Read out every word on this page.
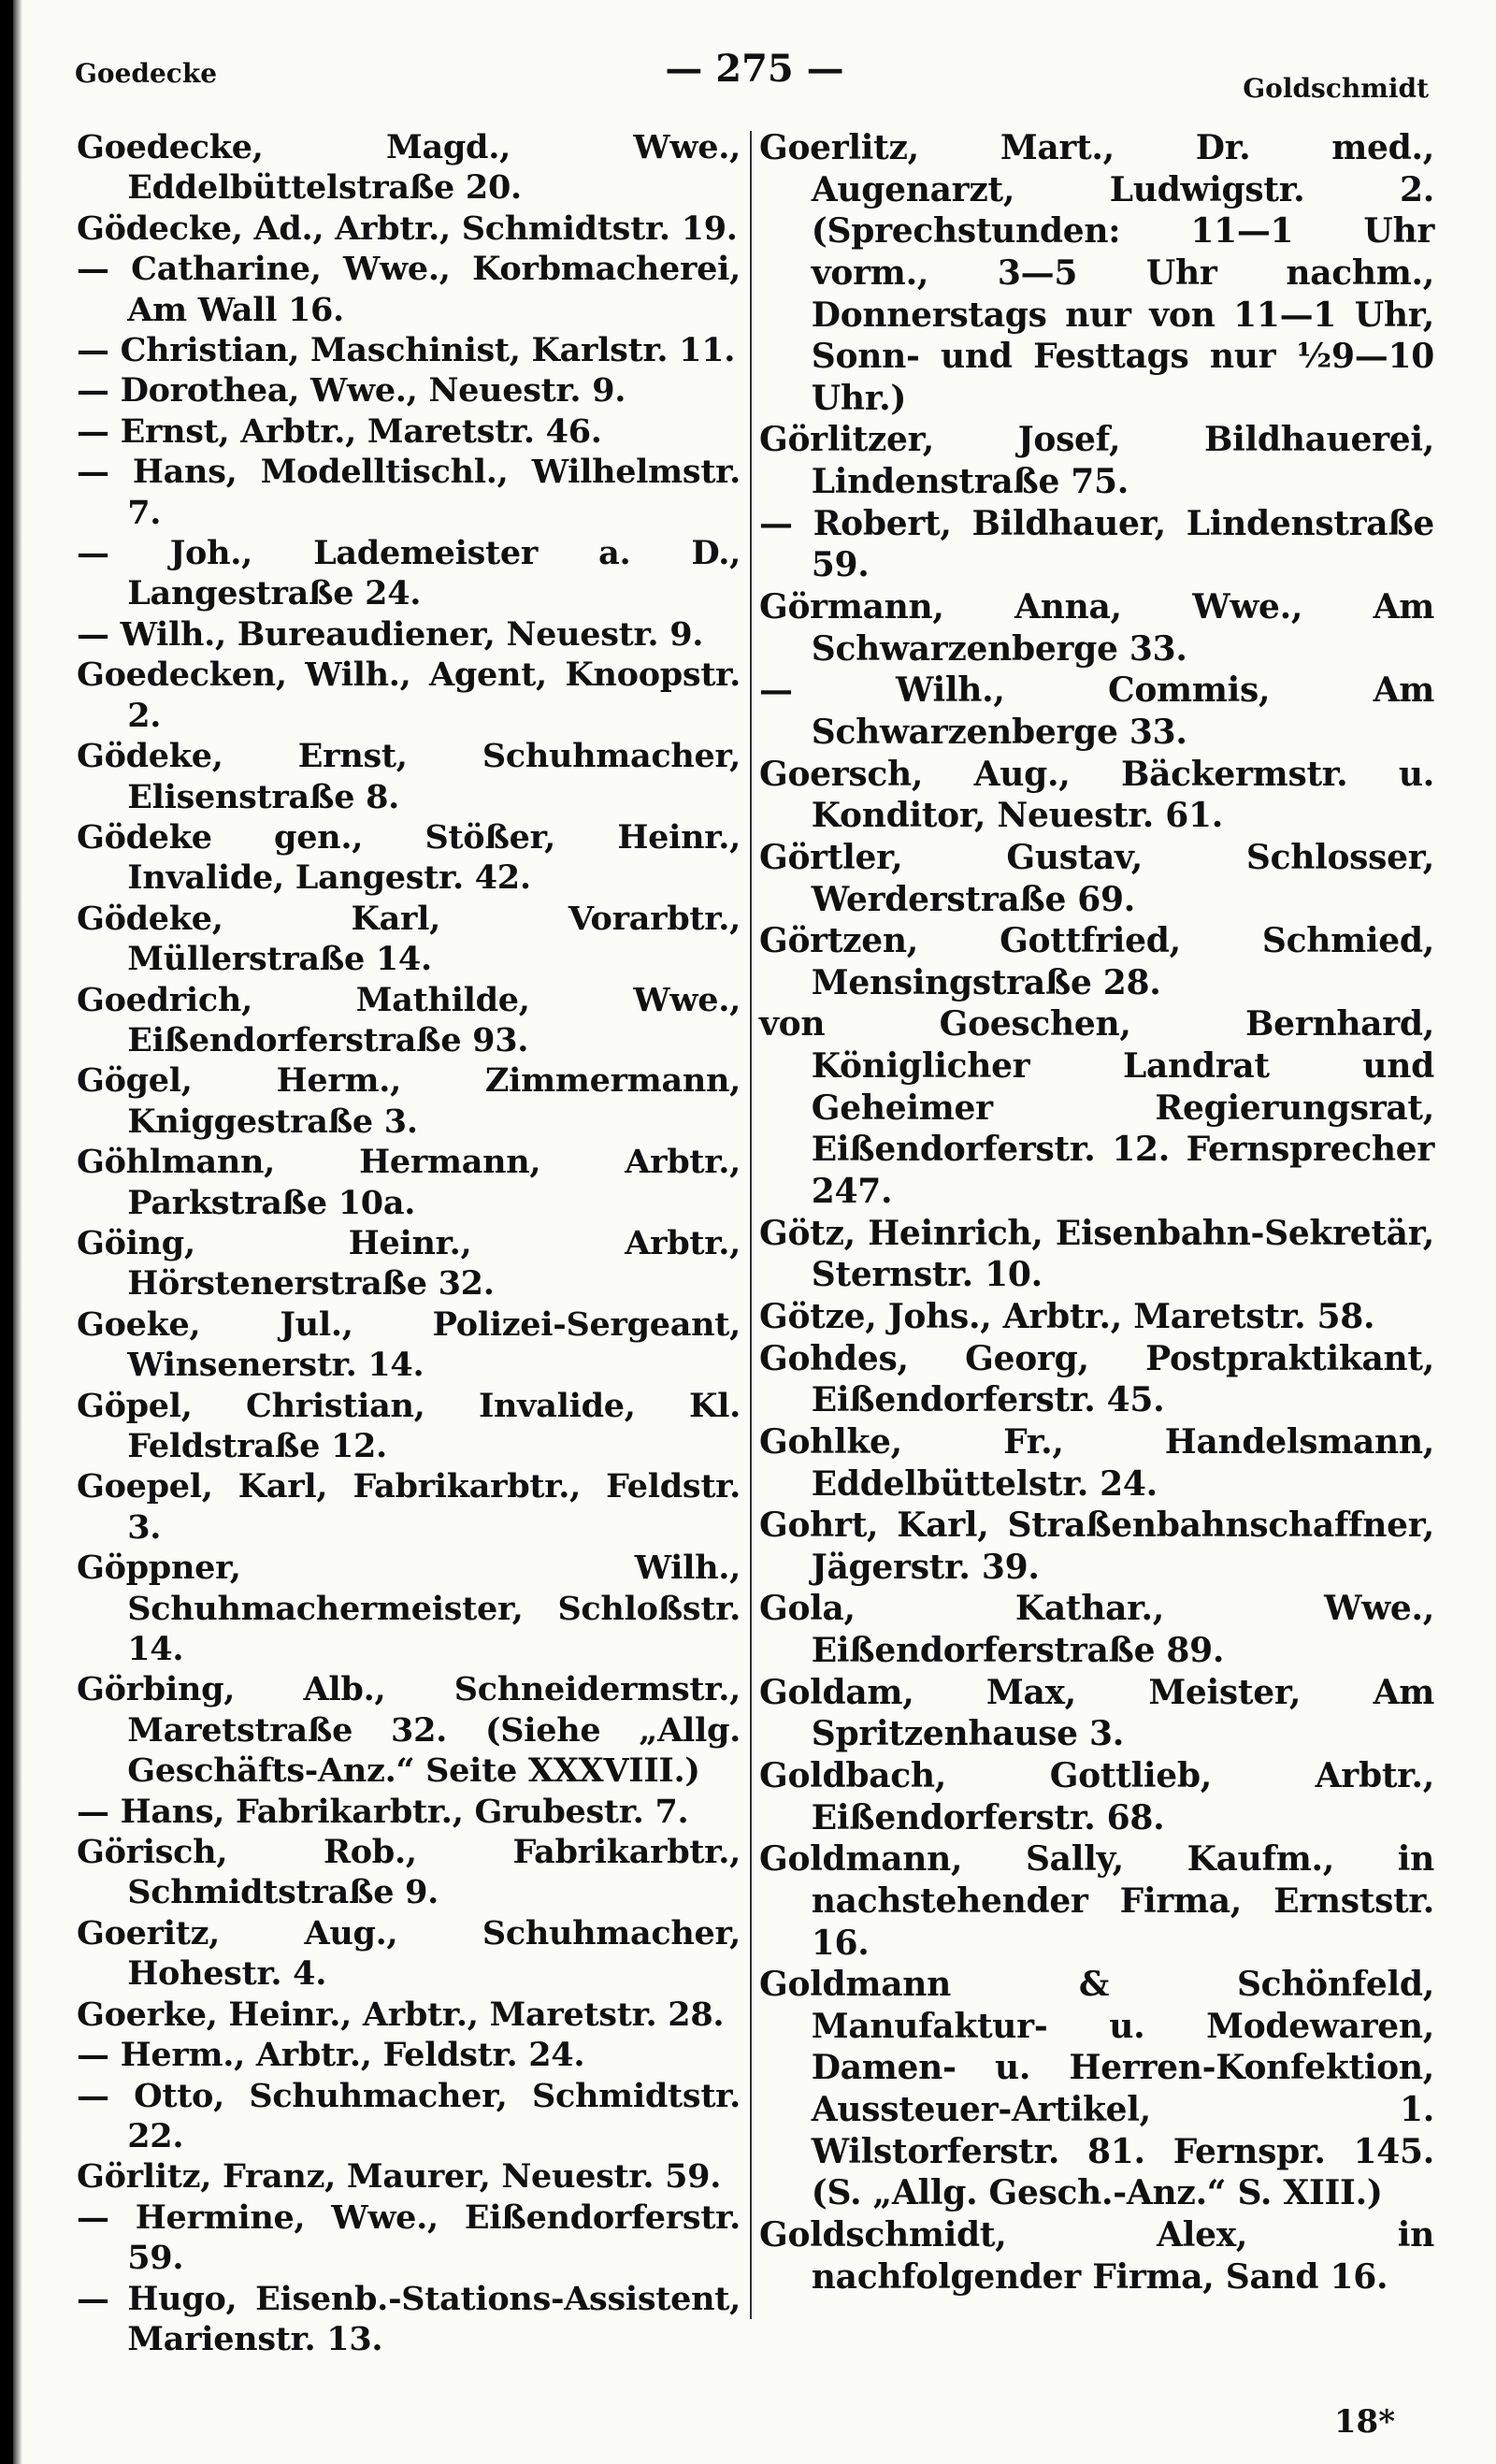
Goedecke	— 275 —	Goldschmidt
Goedecke, Magd., Wwe., Eddelbüttelstraße 20.
Gödecke, Ad., Arbtr., Schmidtstr. 19.
— Catharine, Wwe., Korbmacherei, Am Wall 16.
— Christian, Maschinist, Karlstr. 11.
— Dorothea, Wwe., Neuestr. 9.
— Ernst, Arbtr., Maretstr. 46.
— Hans, Modelltischl., Wilhelmstr. 7.
— Joh., Lademeister a. D., Langestraße 24.
— Wilh., Bureaudiener, Neuestr. 9.
Goedecken, Wilh., Agent, Knoopstr. 2.
Gödeke, Ernst, Schuhmacher, Elisenstraße 8.
Gödeke gen., Stößer, Heinr., Invalide, Langestr. 42.
Gödeke, Karl, Vorarbtr., Müllerstraße 14.
Goedrich, Mathilde, Wwe., Eißendorferstraße 93.
Gögel, Herm., Zimmermann, Kniggestraße 3.
Göhlmann, Hermann, Arbtr., Parkstraße 10a.
Göing, Heinr., Arbtr., Hörstenerstraße 32.
Goeke, Jul., Polizei-Sergeant, Winsenerstr. 14.
Göpel, Christian, Invalide, Kl. Feldstraße 12.
Goepel, Karl, Fabrikarbtr., Feldstr. 3.
Göppner, Wilh., Schuhmachermeister, Schloßstr. 14.
Görbing, Alb., Schneidermstr., Maretstraße 32. (Siehe „Allg. Geschäfts-Anz.“ Seite XXXVIII.)
— Hans, Fabrikarbtr., Grubestr. 7.
Görisch, Rob., Fabrikarbtr., Schmidtstraße 9.
Goeritz, Aug., Schuhmacher, Hohestr. 4.
Goerke, Heinr., Arbtr., Maretstr. 28.
— Herm., Arbtr., Feldstr. 24.
— Otto, Schuhmacher, Schmidtstr. 22.
Görlitz, Franz, Maurer, Neuestr. 59.
— Hermine, Wwe., Eißendorferstr. 59.
— Hugo, Eisenb.-Stations-Assistent, Marienstr. 13.
Goerlitz, Mart., Dr. med., Augenarzt, Ludwigstr. 2. (Sprechstunden: 11—1 Uhr vorm., 3—5 Uhr nachm., Donnerstags nur von 11—1 Uhr, Sonn- und Festtags nur ½9—10 Uhr.)
Görlitzer, Josef, Bildhauerei, Lindenstraße 75.
— Robert, Bildhauer, Lindenstraße 59.
Görmann, Anna, Wwe., Am Schwarzenberge 33.
— Wilh., Commis, Am Schwarzenberge 33.
Goersch, Aug., Bäckermstr. u. Konditor, Neuestr. 61.
Görtler, Gustav, Schlosser, Werderstraße 69.
Görtzen, Gottfried, Schmied, Mensingstraße 28.
von Goeschen, Bernhard, Königlicher Landrat und Geheimer Regierungsrat, Eißendorferstr. 12. Fernsprecher 247.
Götz, Heinrich, Eisenbahn-Sekretär, Sternstr. 10.
Götze, Johs., Arbtr., Maretstr. 58.
Gohdes, Georg, Postpraktikant, Eißendorferstr. 45.
Gohlke, Fr., Handelsmann, Eddelbüttelstr. 24.
Gohrt, Karl, Straßenbahnschaffner, Jägerstr. 39.
Gola, Kathar., Wwe., Eißendorferstraße 89.
Goldam, Max, Meister, Am Spritzenhause 3.
Goldbach, Gottlieb, Arbtr., Eißendorferstr. 68.
Goldmann, Sally, Kaufm., in nachstehender Firma, Ernststr. 16.
Goldmann & Schönfeld, Manufaktur- u. Modewaren, Damen- u. Herren-Konfektion, Aussteuer-Artikel, 1. Wilstorferstr. 81. Fernspr. 145. (S. „Allg. Gesch.-Anz.“ S. XIII.)
Goldschmidt, Alex, in nachfolgender Firma, Sand 16.
18*
